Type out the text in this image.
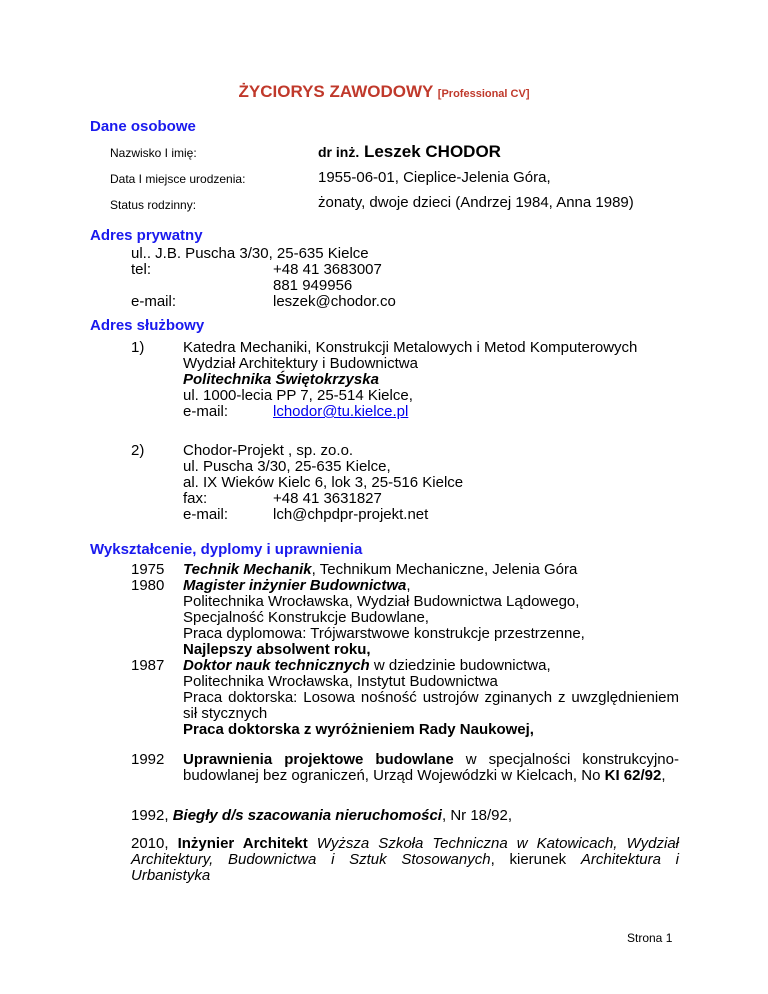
ŻYCIORYS ZAWODOWY [Professional CV]
Dane osobowe
Nazwisko I imię:	dr inż. Leszek CHODOR
Data I miejsce urodzenia:	1955-06-01, Cieplice-Jelenia Góra,
Status rodzinny:	żonaty, dwoje dzieci (Andrzej 1984, Anna 1989)
Adres prywatny
ul.. J.B. Puscha 3/30, 25-635 Kielce
tel:	+48 41 3683007
881 949956
e-mail:	leszek@chodor.co
Adres służbowy
1)	Katedra Mechaniki, Konstrukcji Metalowych i Metod Komputerowych
Wydział Architektury i Budownictwa
Politechnika Świętokrzyska
ul. 1000-lecia PP 7, 25-514 Kielce,
e-mail:	lchodor@tu.kielce.pl
2)	Chodor-Projekt , sp. zo.o.
ul. Puscha 3/30, 25-635 Kielce,
al. IX Wieków Kielc 6, lok 3, 25-516 Kielce
fax:	+48 41 3631827
e-mail:	lch@chpdpr-projekt.net
Wykształcenie, dyplomy i uprawnienia
1975 Technik Mechanik, Technikum Mechaniczne, Jelenia Góra
1980 Magister inżynier Budownictwa,
Politechnika Wrocławska, Wydział Budownictwa Lądowego,
Specjalność Konstrukcje Budowlane,
Praca dyplomowa: Trójwarstwowe konstrukcje przestrzenne,
Najlepszy absolwent roku,
1987 Doktor nauk technicznych w dziedzinie budownictwa,
Politechnika Wrocławska, Instytut Budownictwa
Praca doktorska: Losowa nośność ustrojów zginanych z uwzględnieniem sił stycznych
Praca doktorska z wyróżnieniem Rady Naukowej,
1992 Uprawnienia projektowe budowlane w specjalności konstrukcyjno-budowlanej bez ograniczeń, Urząd Wojewódzki w Kielcach, No KI 62/92,
1992, Biegły d/s szacowania nieruchomości, Nr 18/92,
2010, Inżynier Architekt Wyższa Szkoła Techniczna w Katowicach, Wydział Architektury, Budownictwa i Sztuk Stosowanych, kierunek Architektura i Urbanistyka
Strona 1
